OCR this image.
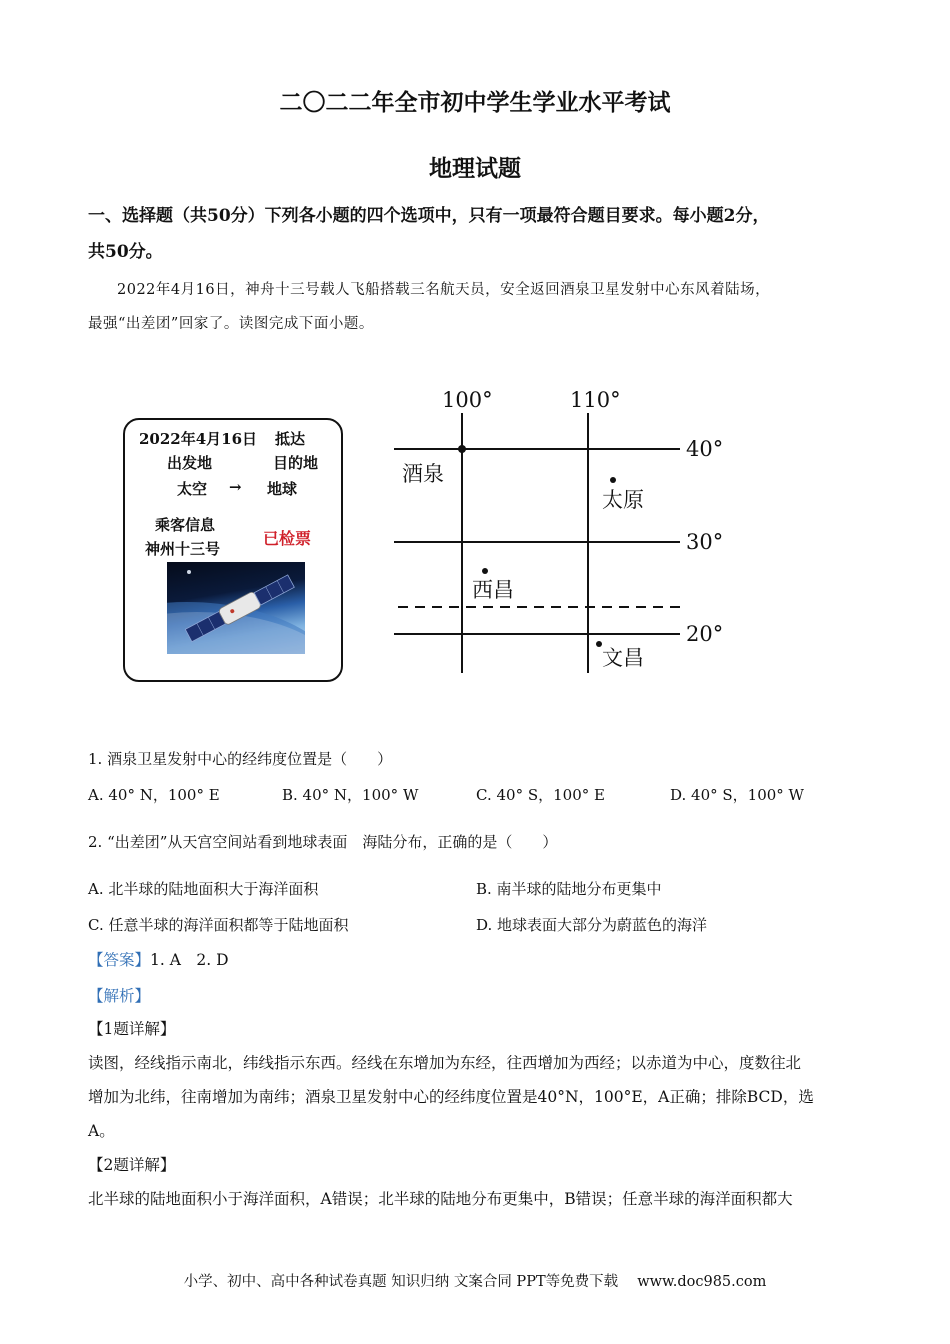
二〇二二年全市初中学生学业水平考试
地理试题
一、选择题（共50分）下列各小题的四个选项中，只有一项最符合题目要求。每小题2分，
共50分。
2022年4月16日，神舟十三号载人飞船搭载三名航天员，安全返回酒泉卫星发射中心东风着陆场，
最强“出差团”回家了。读图完成下面小题。
2022年4月16日 抵达
出发地	目的地
太空 → 地球
乘客信息
已检票
神州十三号
100°	110°
40°
30°
20°
酒泉
太原
西昌
文昌
1. 酒泉卫星发射中心的经纬度位置是（　　）
A. 40° N，100° E	B. 40° N，100° W	C. 40° S，100° E	D. 40° S，100° W
2. “出差团”从天宫空间站看到地球表面　海陆分布，正确的是（　　）
A. 北半球的陆地面积大于海洋面积	B. 南半球的陆地分布更集中
C. 任意半球的海洋面积都等于陆地面积	D. 地球表面大部分为蔚蓝色的海洋
【答案】1. A　2. D
【解析】
【1题详解】
读图，经线指示南北，纬线指示东西。经线在东增加为东经，往西增加为西经；以赤道为中心，度数往北
增加为北纬，往南增加为南纬；酒泉卫星发射中心的经纬度位置是40°N，100°E，A正确；排除BCD，选
A。
【2题详解】
北半球的陆地面积小于海洋面积，A错误；北半球的陆地分布更集中，B错误；任意半球的海洋面积都大
小学、初中、高中各种试卷真题 知识归纳 文案合同 PPT等免费下载　 www.doc985.com
